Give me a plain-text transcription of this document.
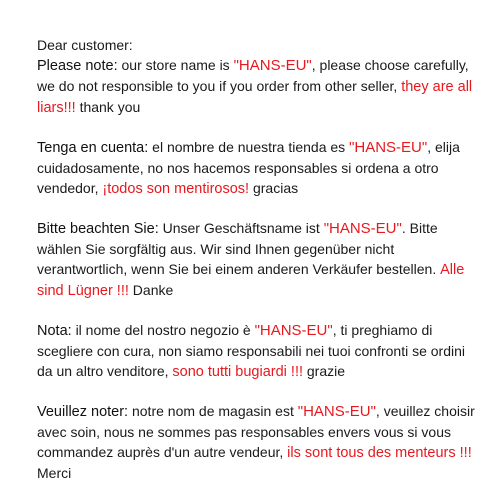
Dear customer:
Please note: our store name is "HANS-EU", please choose carefully, we do not responsible to you if you order from other seller, they are all liars!!! thank you
Tenga en cuenta: el nombre de nuestra tienda es "HANS-EU", elija cuidadosamente, no nos hacemos responsables si ordena a otro vendedor, ¡todos son mentirosos! gracias
Bitte beachten Sie: Unser Geschäftsname ist "HANS-EU". Bitte wählen Sie sorgfältig aus. Wir sind Ihnen gegenüber nicht verantwortlich, wenn Sie bei einem anderen Verkäufer bestellen. Alle sind Lügner !!! Danke
Nota: il nome del nostro negozio è "HANS-EU", ti preghiamo di scegliere con cura, non siamo responsabili nei tuoi confronti se ordini da un altro venditore, sono tutti bugiardi !!! grazie
Veuillez noter: notre nom de magasin est "HANS-EU", veuillez choisir avec soin, nous ne sommes pas responsables envers vous si vous commandez auprès d'un autre vendeur, ils sont tous des menteurs !!! Merci
